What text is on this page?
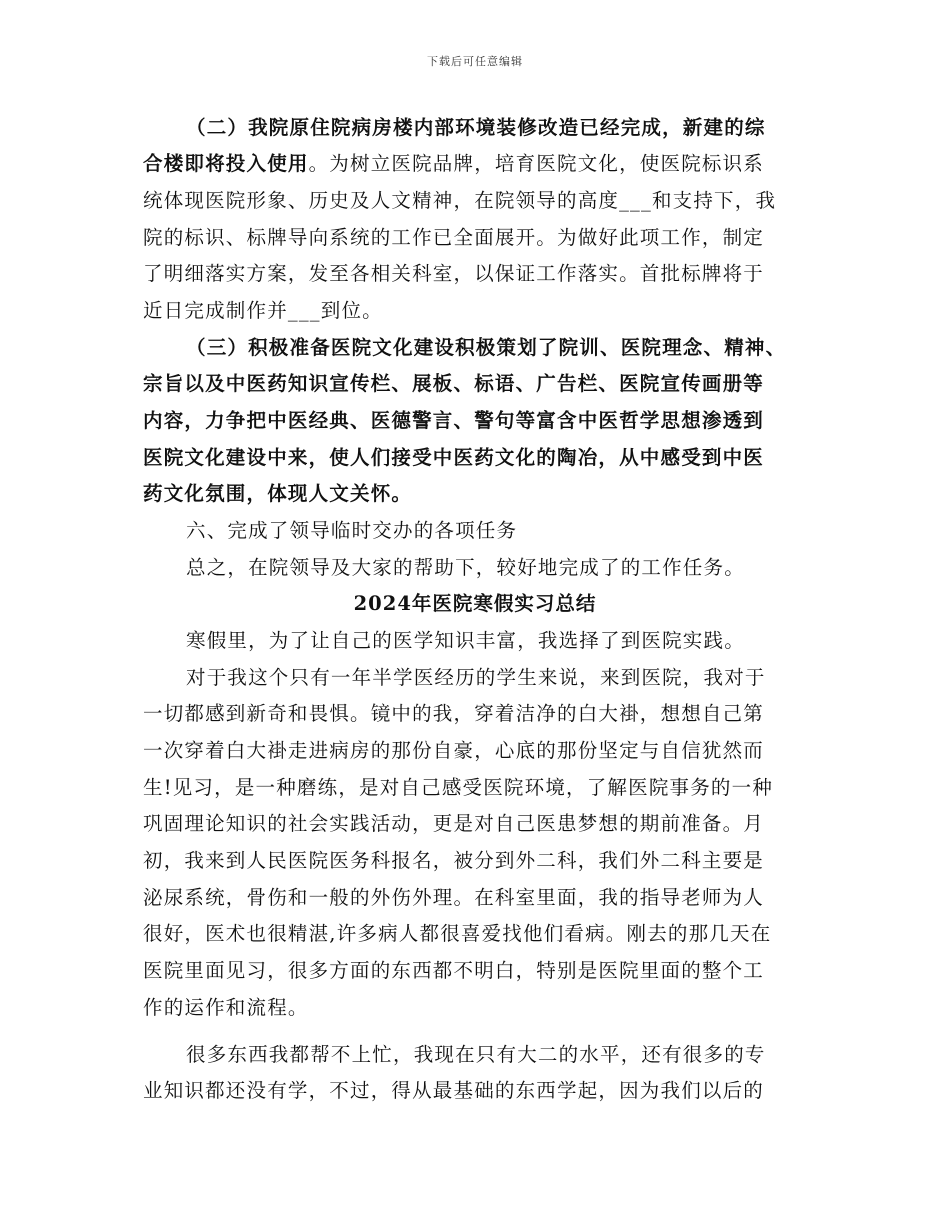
下载后可任意编辑
（二）我院原住院病房楼内部环境装修改造已经完成，新建的综
合楼即将投入使用。为树立医院品牌，培育医院文化，使医院标识系
统体现医院形象、历史及人文精神，在院领导的高度___和支持下，我
院的标识、标牌导向系统的工作已全面展开。为做好此项工作，制定
了明细落实方案，发至各相关科室，以保证工作落实。首批标牌将于
近日完成制作并___到位。
（三）积极准备医院文化建设积极策划了院训、医院理念、精神、
宗旨以及中医药知识宣传栏、展板、标语、广告栏、医院宣传画册等
内容，力争把中医经典、医德警言、警句等富含中医哲学思想渗透到
医院文化建设中来，使人们接受中医药文化的陶冶，从中感受到中医
药文化氛围，体现人文关怀。
六、完成了领导临时交办的各项任务
总之，在院领导及大家的帮助下，较好地完成了的工作任务。
2024年医院寒假实习总结
寒假里，为了让自己的医学知识丰富，我选择了到医院实践。
对于我这个只有一年半学医经历的学生来说，来到医院，我对于
一切都感到新奇和畏惧。镜中的我，穿着洁净的白大褂，想想自己第
一次穿着白大褂走进病房的那份自豪，心底的那份坚定与自信犹然而
生!见习，是一种磨练，是对自己感受医院环境，了解医院事务的一种
巩固理论知识的社会实践活动，更是对自己医患梦想的期前准备。月
初，我来到人民医院医务科报名，被分到外二科，我们外二科主要是
泌尿系统，骨伤和一般的外伤外理。在科室里面，我的指导老师为人
很好，医术也很精湛,许多病人都很喜爱找他们看病。刚去的那几天在
医院里面见习，很多方面的东西都不明白，特别是医院里面的整个工
作的运作和流程。
很多东西我都帮不上忙，我现在只有大二的水平，还有很多的专
业知识都还没有学，不过，得从最基础的东西学起，因为我们以后的
